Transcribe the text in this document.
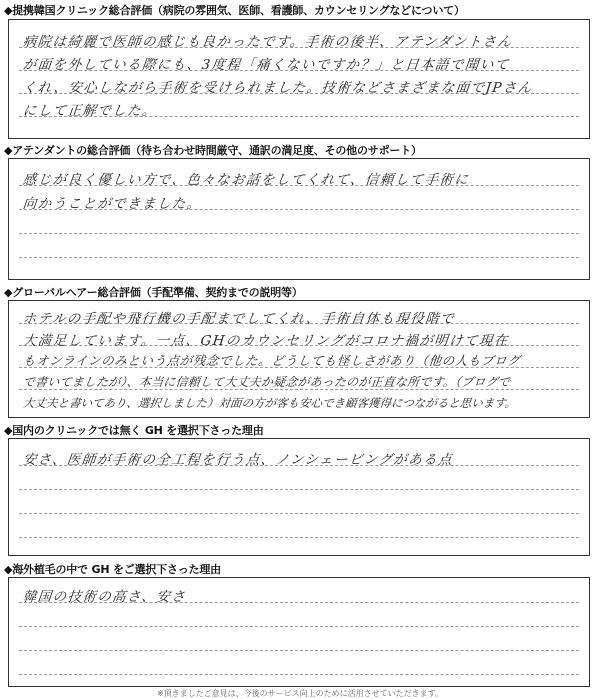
◆提携韓国クリニック総合評価（病院の雰囲気、医師、看護師、カウンセリングなどについて）
病院は綺麗で医師の感じも良かったです。手術の後半、アテンダントさん
が面を外している際にも、3度程「痛くないですか？」と日本語で聞いて
くれ、安心しながら手術を受けられました。技術などさまざまな面でJPさん
にして正解でした。
◆アテンダントの総合評価（待ち合わせ時間厳守、通訳の満足度、その他のサポート）
感じが良く優しい方で、色々なお話をしてくれて、信頼して手術に
向かうことができました。
◆グローバルヘアー総合評価（手配準備、契約までの説明等）
ホテルの手配や飛行機の手配までしてくれ、手術自体も現役階で
大満足しています。一点、GHのカウンセリングがコロナ禍が明けて現在
もオンラインのみという点が残念でした。どうしても怪しさがあり（他の人もブログ
で書いてましたが）、本当に信頼して大丈夫か疑念があったのが正直な所です。（ブログで
大丈夫と書いてあり、選択しました）対面の方が客も安心でき顧客獲得につながると思います。
◆国内のクリニックでは無く GH を選択下さった理由
安さ、医師が手術の全工程を行う点、ノンシェービングがある点
◆海外植毛の中で GH をご選択下さった理由
韓国の技術の高さ、安さ
※頂きましたご意見は、今後のサービス向上のために活用させていただきます。
